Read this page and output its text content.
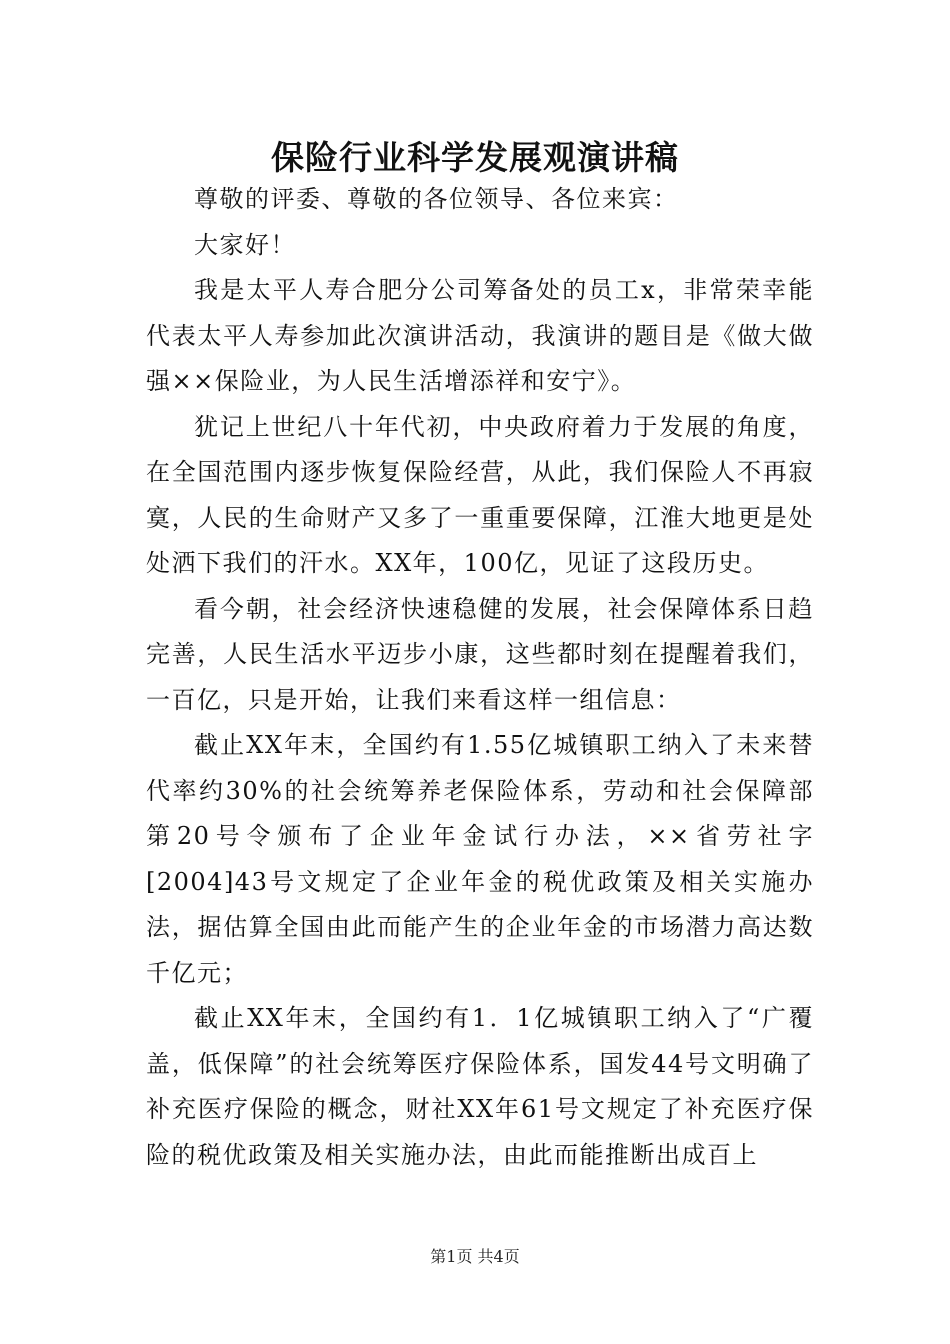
保险行业科学发展观演讲稿

尊敬的评委、尊敬的各位领导、各位来宾：

大家好！

我是太平人寿合肥分公司筹备处的员工x，非常荣幸能代表太平人寿参加此次演讲活动，我演讲的题目是《做大做强××保险业，为人民生活增添祥和安宁》。

犹记上世纪八十年代初，中央政府着力于发展的角度，在全国范围内逐步恢复保险经营，从此，我们保险人不再寂寞，人民的生命财产又多了一重重要保障，江淮大地更是处处洒下我们的汗水。XX年，100亿，见证了这段历史。

看今朝，社会经济快速稳健的发展，社会保障体系日趋完善，人民生活水平迈步小康，这些都时刻在提醒着我们，一百亿，只是开始，让我们来看这样一组信息：

截止XX年末，全国约有1.55亿城镇职工纳入了未来替代率约30%的社会统筹养老保险体系，劳动和社会保障部第20号令颁布了企业年金试行办法，××省劳社字[2004]43号文规定了企业年金的税优政策及相关实施办法，据估算全国由此而能产生的企业年金的市场潜力高达数千亿元；

截止XX年末，全国约有1．1亿城镇职工纳入了“广覆盖，低保障”的社会统筹医疗保险体系，国发44号文明确了补充医疗保险的概念，财社XX年61号文规定了补充医疗保险的税优政策及相关实施办法，由此而能推断出成百上

第1页 共4页
